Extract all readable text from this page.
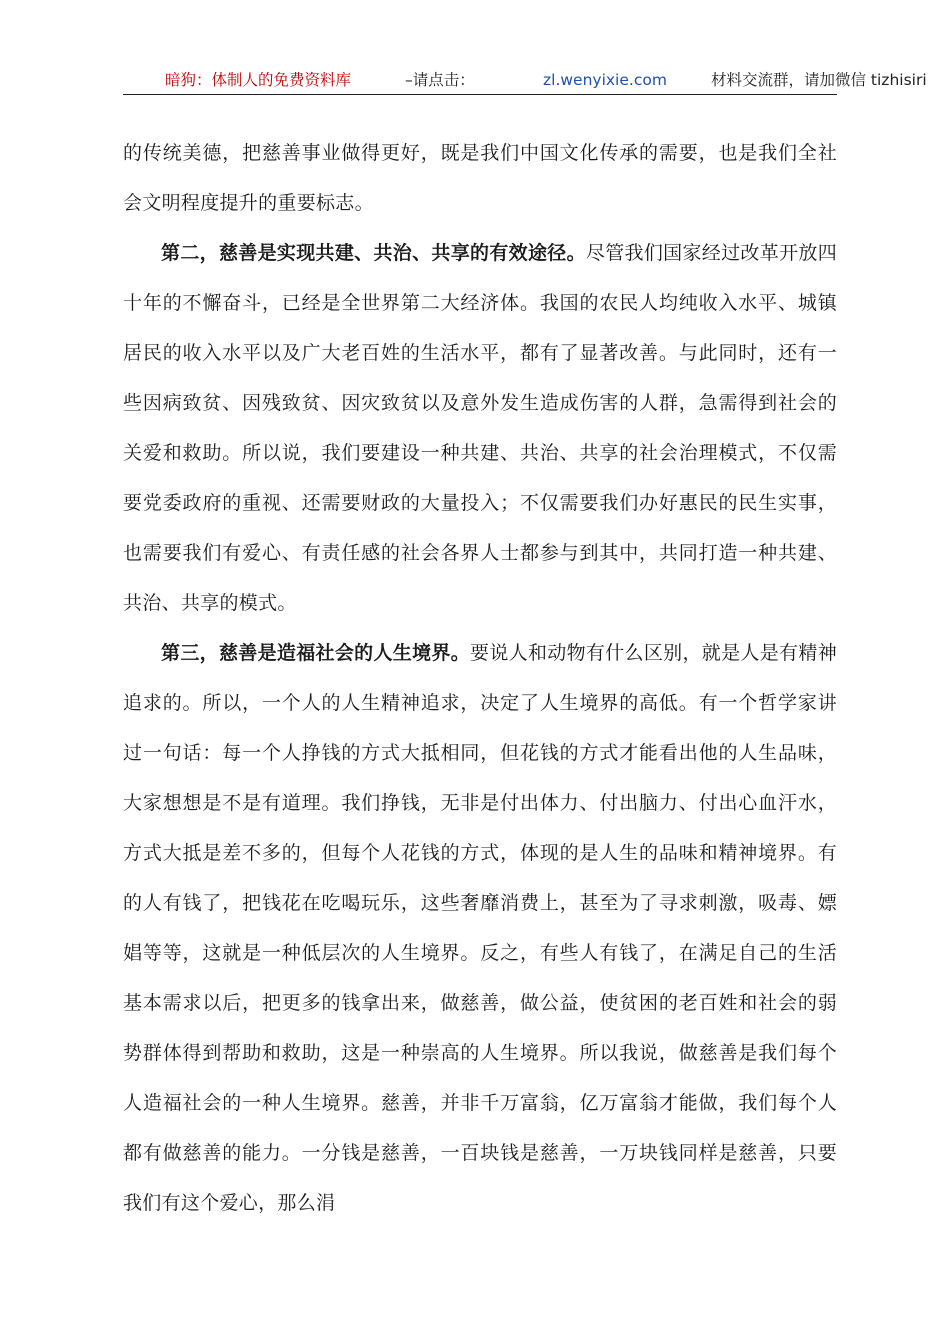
暗狗：体制人的免费资料库	–请点击：	zl.wenyixie.com	材料交流群，请加微信 tizhisiri

的传统美德，把慈善事业做得更好，既是我们中国文化传承的需要，也是我们全社会文明程度提升的重要标志。

第二，慈善是实现共建、共治、共享的有效途径。尽管我们国家经过改革开放四十年的不懈奋斗，已经是全世界第二大经济体。我国的农民人均纯收入水平、城镇居民的收入水平以及广大老百姓的生活水平，都有了显著改善。与此同时，还有一些因病致贫、因残致贫、因灾致贫以及意外发生造成伤害的人群，急需得到社会的关爱和救助。所以说，我们要建设一种共建、共治、共享的社会治理模式，不仅需要党委政府的重视、还需要财政的大量投入；不仅需要我们办好惠民的民生实事，也需要我们有爱心、有责任感的社会各界人士都参与到其中，共同打造一种共建、共治、共享的模式。

第三，慈善是造福社会的人生境界。要说人和动物有什么区别，就是人是有精神追求的。所以，一个人的人生精神追求，决定了人生境界的高低。有一个哲学家讲过一句话：每一个人挣钱的方式大抵相同，但花钱的方式才能看出他的人生品味，大家想想是不是有道理。我们挣钱，无非是付出体力、付出脑力、付出心血汗水，方式大抵是差不多的，但每个人花钱的方式，体现的是人生的品味和精神境界。有的人有钱了，把钱花在吃喝玩乐，这些奢靡消费上，甚至为了寻求刺激，吸毒、嫖娼等等，这就是一种低层次的人生境界。反之，有些人有钱了，在满足自己的生活基本需求以后，把更多的钱拿出来，做慈善，做公益，使贫困的老百姓和社会的弱势群体得到帮助和救助，这是一种崇高的人生境界。所以我说，做慈善是我们每个人造福社会的一种人生境界。慈善，并非千万富翁，亿万富翁才能做，我们每个人都有做慈善的能力。一分钱是慈善，一百块钱是慈善，一万块钱同样是慈善，只要我们有这个爱心，那么涓
